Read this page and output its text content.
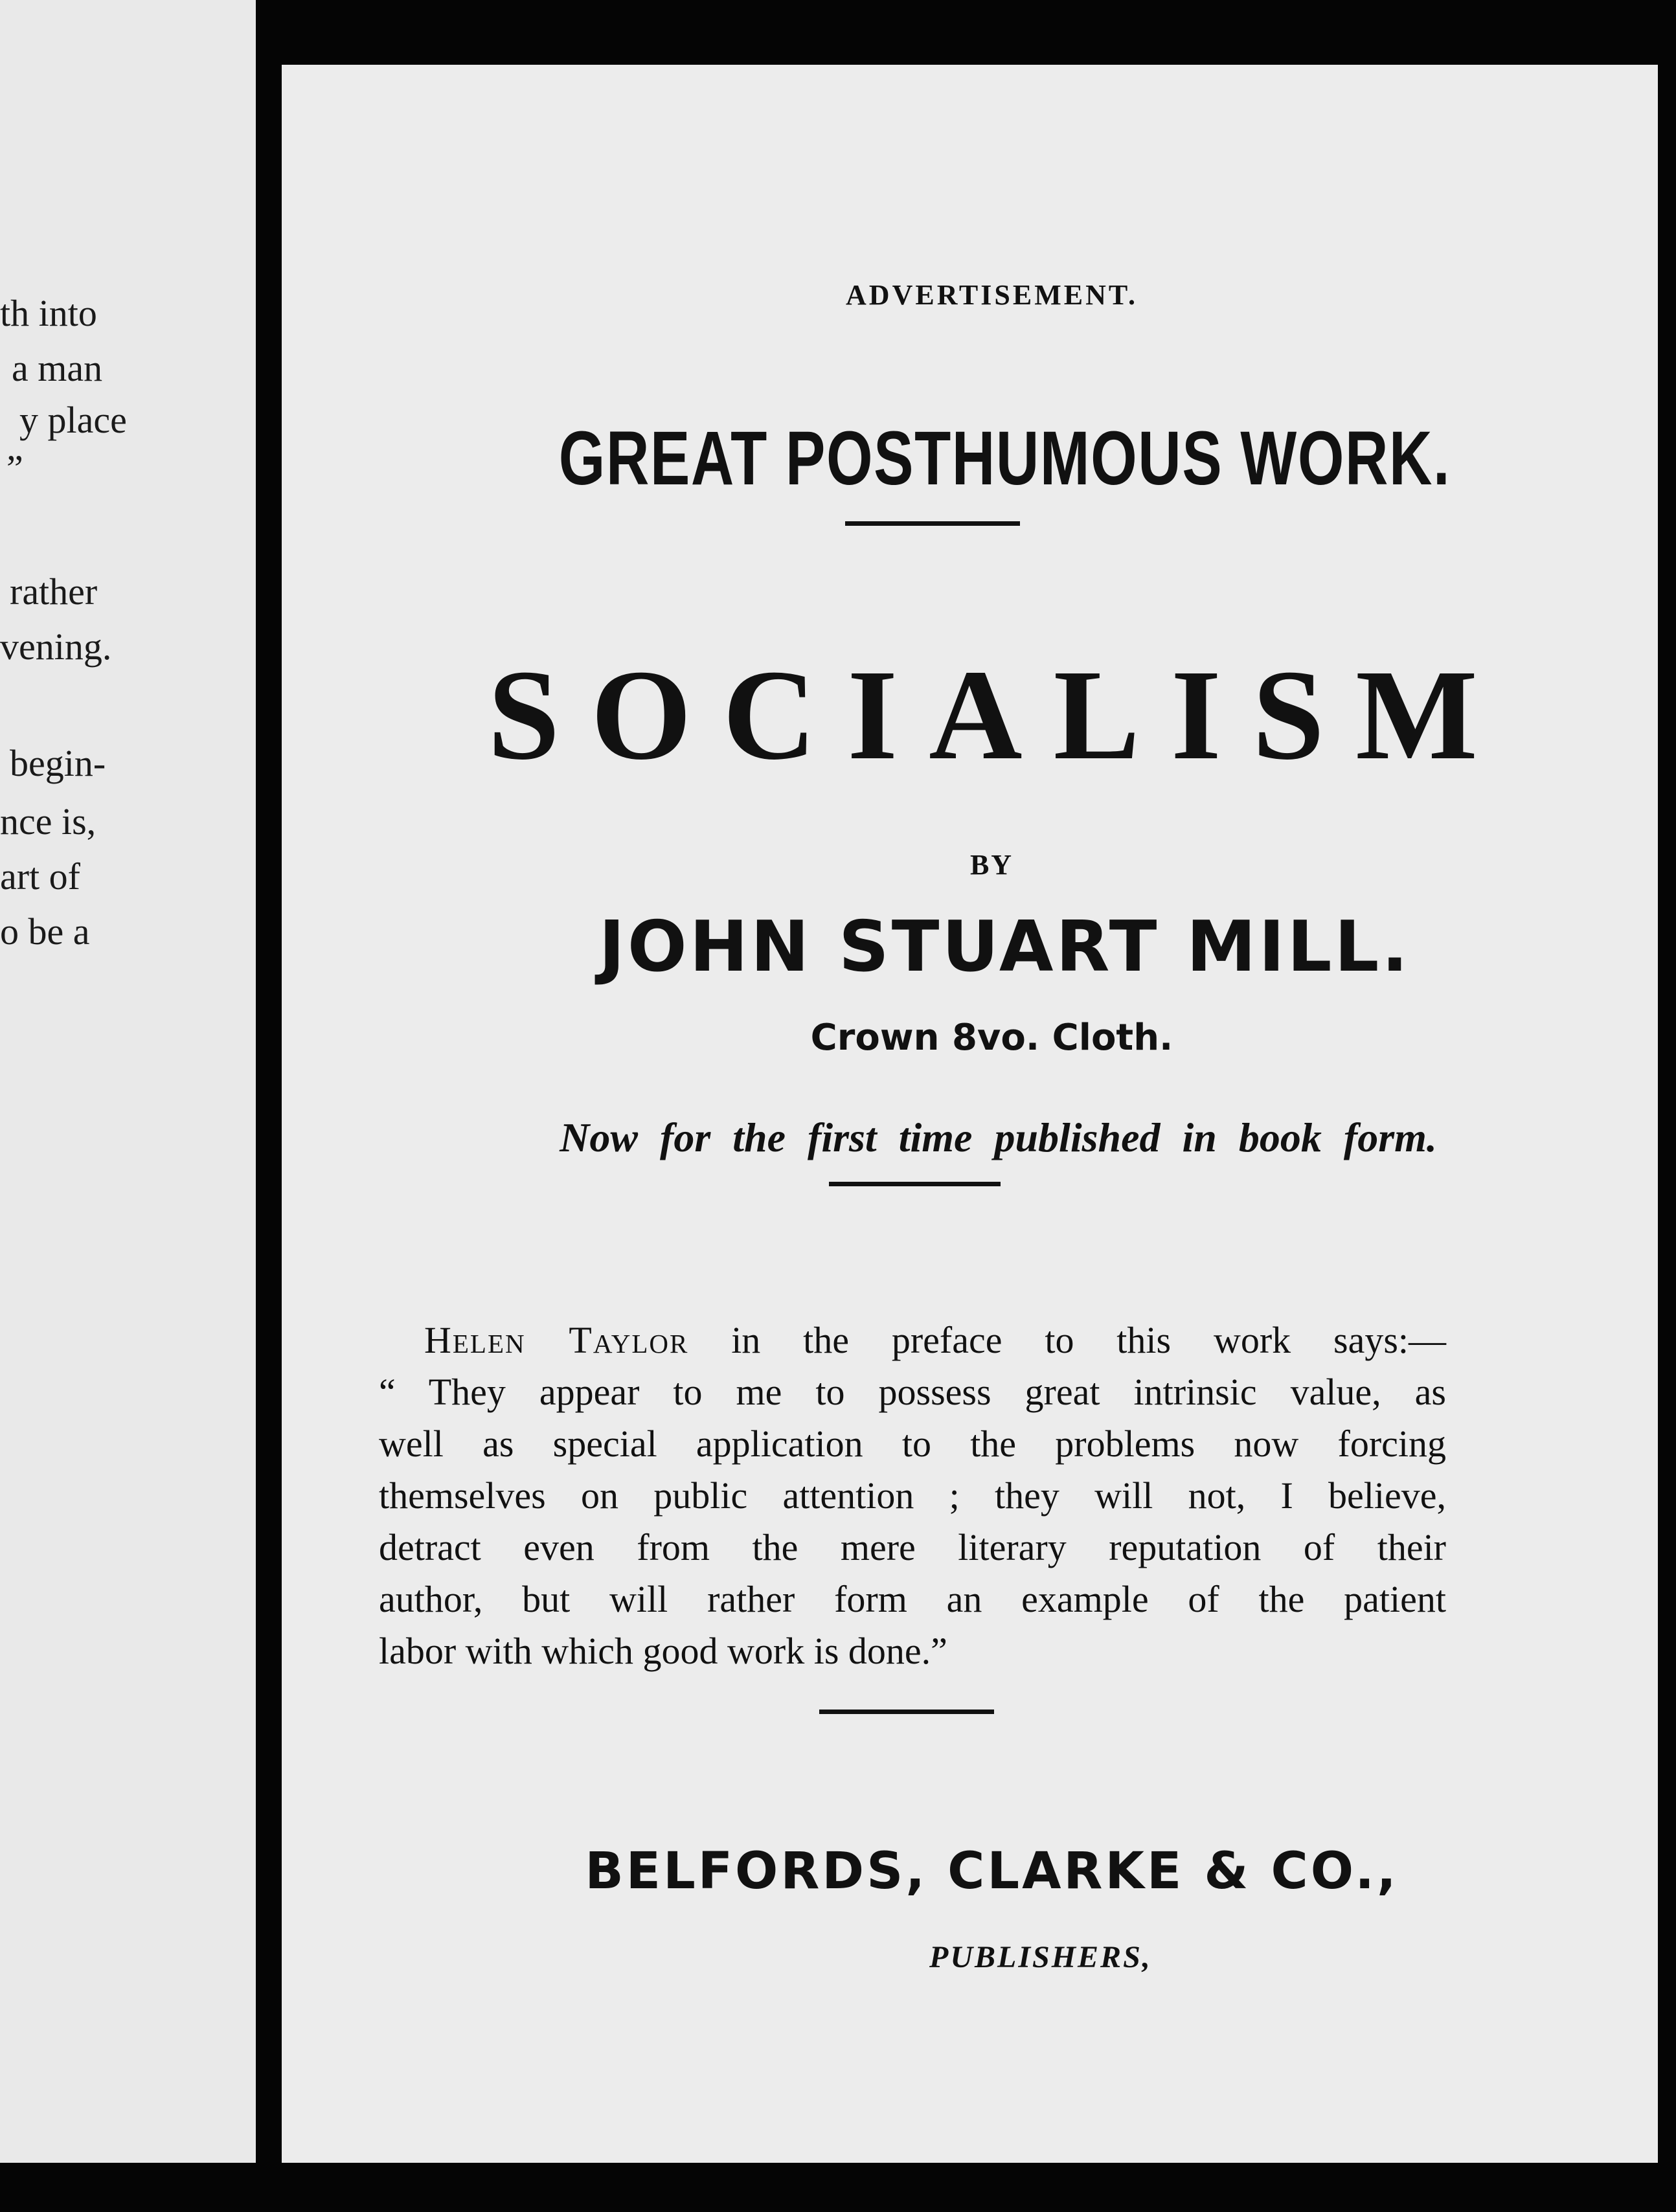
th into
a man
y place
”
rather
vening.
begin-
nce is,
art of
o be a
ADVERTISEMENT.
GREAT POSTHUMOUS WORK.
SOCIALISM
BY
JOHN STUART MILL.
Crown 8vo. Cloth.
Now for the first time published in book form.
Helen Taylor in the preface to this work says:—
“ They appear to me to possess great intrinsic value, as
well as special application to the problems now forcing
themselves on public attention ; they will not, I believe,
detract even from the mere literary reputation of their
author, but will rather form an example of the patient
labor with which good work is done.”
BELFORDS, CLARKE & CO.,
PUBLISHERS,
